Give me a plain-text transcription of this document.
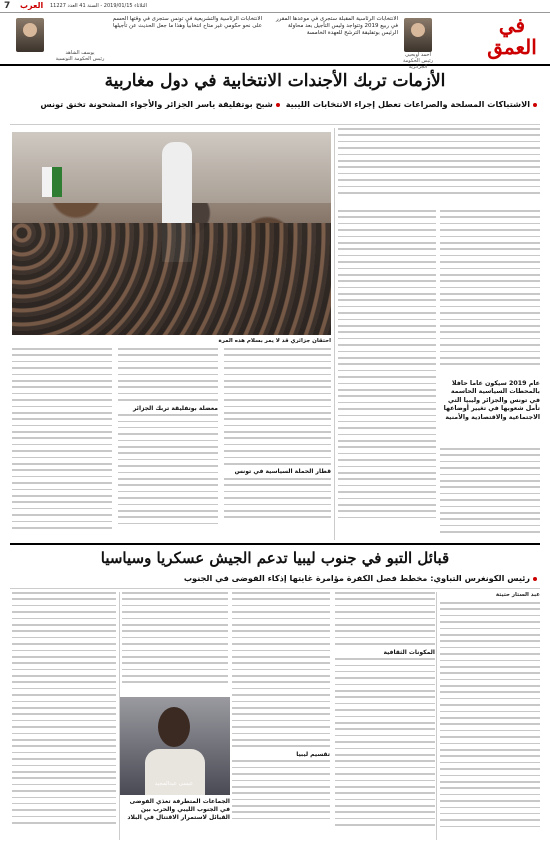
7 العرب الثلاثاء 2019/01/15 - السنة 41 العدد 11227
في العمق
أحمد أويحيى
رئيس الحكومة الجزائرية
الانتخابات الرئاسية المقبلة ستجرى في موعدها المقرر في ربيع 2019 وتتواجد وليس التأجيل بعد محاولة الرئيس بوتفليقة الترشح للعهدة الخامسة
يوسف الشاهد
رئيس الحكومة التونسية
الانتخابات الرئاسية والتشريعية في تونس ستجرى في وقتها الحسم على نحو حكومي غير متاح انتخابياً وهذا ما جعل الحديث عن تأجيلها
الأزمات تربك الأجندات الانتخابية في دول مغاربية
الاشتباكات المسلحة والصراعات تعطل إجراء الانتخابات الليبية شبح بوتفليقة ياسر الجزائر والأجواء المشحونة تخنق تونس
احتقان جزائري قد لا يمر بسلام هذه المرة
عام 2019 سيكون عاما حافلا بالمحطات السياسية الحاسمة في تونس والجزائر وليبيا التي تأمل شعوبها في تغيير أوضاعها الاجتماعية والاقتصادية والأمنية
معضلة بوتفليقة تربك الجزائر
قطار الحملة السياسية في تونس
قبائل التبو في جنوب ليبيا تدعم الجيش عسكريا وسياسيا
رئيس الكونغرس التباوي: مخطط فصل الكفرة مؤامرة غايتها إذكاء الفوضى في الجنوب
عبد الستار حتيتة
المكونات الثقافية
تقسيم ليبيا
عيسى عبدالمجيد
الجماعات المتطرفة تغذي الفوضى في الجنوب الليبي والحرب بين القبائل لاستمرار الاقتتال في البلاد
